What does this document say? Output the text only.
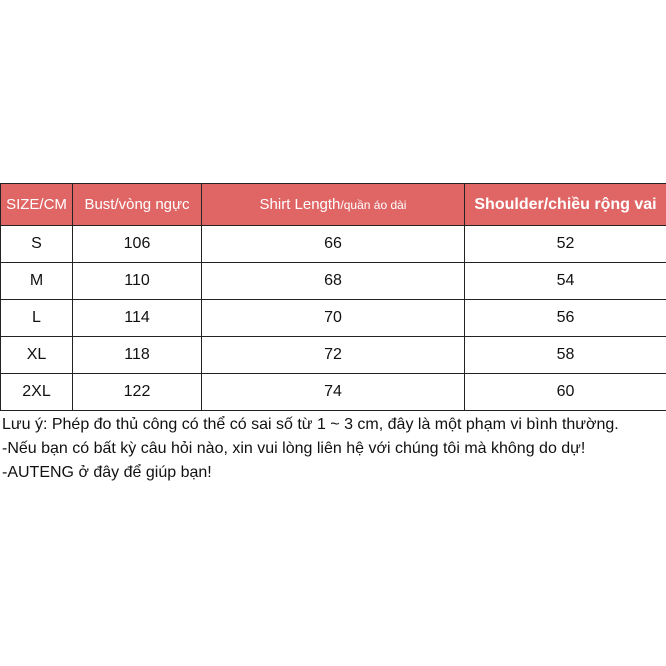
SIZE/CM	Bust/vòng ngực	Shirt Length/quần áo dài	Shoulder/chiều rộng vai
S	106	66	52
M	110	68	54
L	114	70	56
XL	118	72	58
2XL	122	74	60
Lưu ý: Phép đo thủ công có thể có sai số từ 1 ~ 3 cm, đây là một phạm vi bình thường.
-Nếu bạn có bất kỳ câu hỏi nào, xin vui lòng liên hệ với chúng tôi mà không do dự!
-AUTENG ở đây để giúp bạn!
